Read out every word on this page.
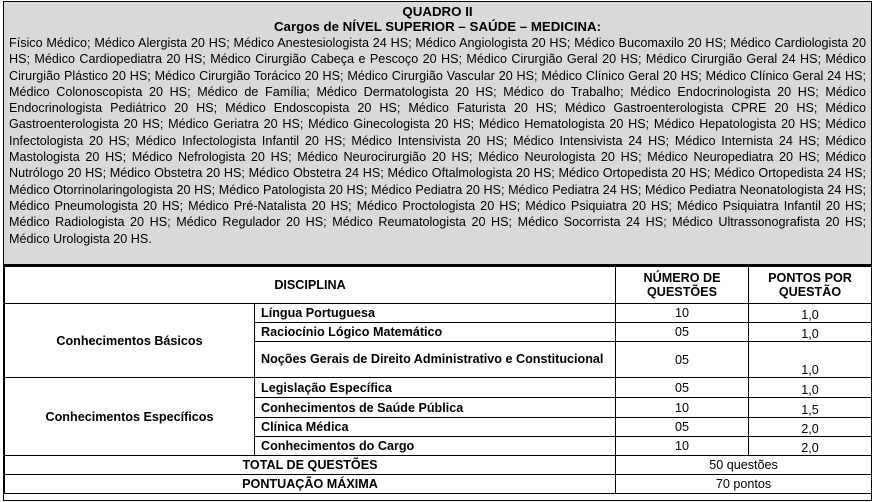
QUADRO II
Cargos de NÍVEL SUPERIOR – SAÚDE – MEDICINA:
Físico Médico; Médico Alergista 20 HS; Médico Anestesiologista 24 HS; Médico Angiologista 20 HS; Médico Bucomaxilo 20 HS; Médico Cardiologista 20 HS; Médico Cardiopediatra 20 HS; Médico Cirurgião Cabeça e Pescoço 20 HS; Médico Cirurgião Geral 20 HS; Médico Cirurgião Geral 24 HS; Médico Cirurgião Plástico 20 HS; Médico Cirurgião Torácico 20 HS; Médico Cirurgião Vascular 20 HS; Médico Clínico Geral 20 HS; Médico Clínico Geral 24 HS; Médico Colonoscopista 20 HS; Médico de Família; Médico Dermatologista 20 HS; Médico do Trabalho; Médico Endocrinologista 20 HS; Médico Endocrinologista Pediátrico 20 HS; Médico Endoscopista 20 HS; Médico Faturista 20 HS; Médico Gastroenterologista CPRE 20 HS; Médico Gastroenterologista 20 HS; Médico Geriatra 20 HS; Médico Ginecologista 20 HS; Médico Hematologista 20 HS; Médico Hepatologista 20 HS; Médico Infectologista 20 HS; Médico Infectologista Infantil 20 HS; Médico Intensivista 20 HS; Médico Intensivista 24 HS; Médico Internista 24 HS; Médico Mastologista 20 HS; Médico Nefrologista 20 HS; Médico Neurocirurgião 20 HS; Médico Neurologista 20 HS; Médico Neuropediatra 20 HS; Médico Nutrólogo 20 HS; Médico Obstetra 20 HS; Médico Obstetra 24 HS; Médico Oftalmologista 20 HS; Médico Ortopedista 20 HS; Médico Ortopedista 24 HS; Médico Otorrinolaringologista 20 HS; Médico Patologista 20 HS; Médico Pediatra 20 HS; Médico Pediatra 24 HS; Médico Pediatra Neonatologista 24 HS; Médico Pneumologista 20 HS; Médico Pré-Natalista 20 HS; Médico Proctologista 20 HS; Médico Psiquiatra 20 HS; Médico Psiquiatra Infantil 20 HS; Médico Radiologista 20 HS; Médico Regulador 20 HS; Médico Reumatologista 20 HS; Médico Socorrista 24 HS; Médico Ultrassonografista 20 HS; Médico Urologista 20 HS.
DISCIPLINA		NÚMERO DE QUESTÕES	PONTOS POR QUESTÃO
Conhecimentos Básicos	Língua Portuguesa	10	1,0
	Raciocínio Lógico Matemático	05	1,0
	Noções Gerais de Direito Administrativo e Constitucional	05	1,0
Conhecimentos Específicos	Legislação Específica	05	1,0
	Conhecimentos de Saúde Pública	10	1,5
	Clínica Médica	05	2,0
	Conhecimentos do Cargo	10	2,0
TOTAL DE QUESTÕES		50 questões	
PONTUAÇÃO MÁXIMA		70 pontos	
